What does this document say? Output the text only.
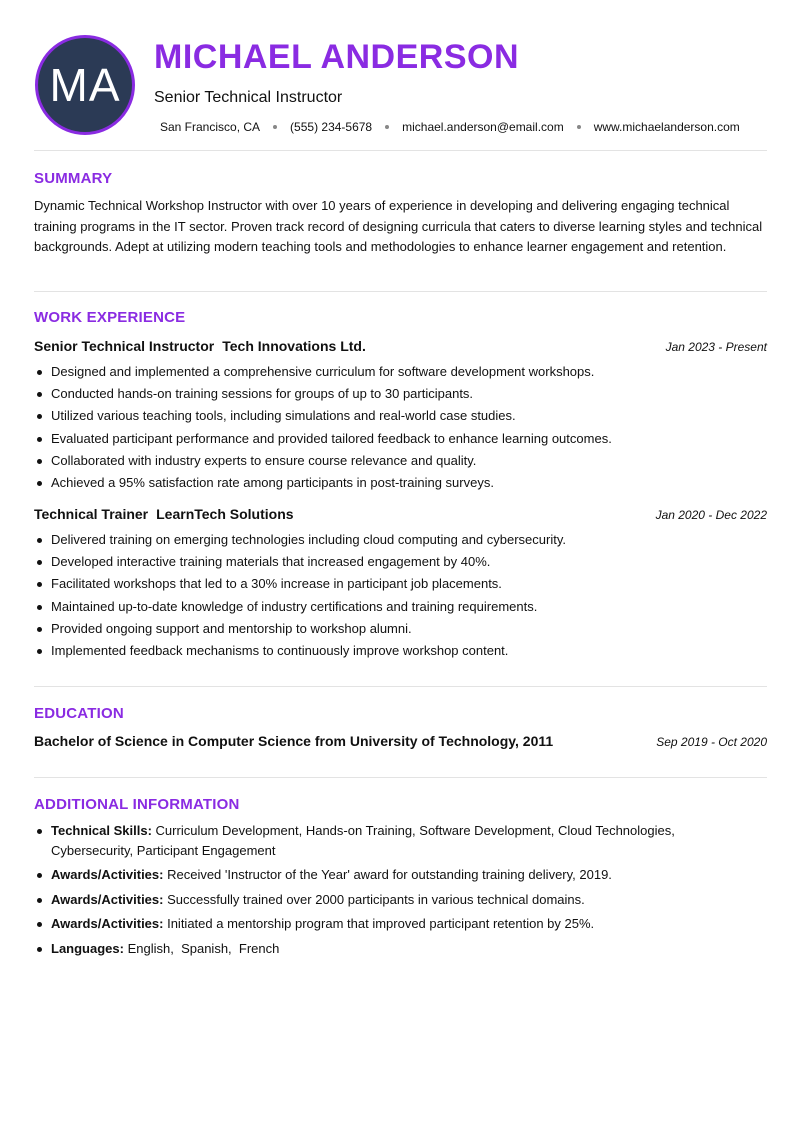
MA
MICHAEL ANDERSON
Senior Technical Instructor
San Francisco, CA	(555) 234-5678	michael.anderson@email.com	www.michaelanderson.com
SUMMARY
Dynamic Technical Workshop Instructor with over 10 years of experience in developing and delivering engaging technical training programs in the IT sector. Proven track record of designing curricula that caters to diverse learning styles and technical backgrounds. Adept at utilizing modern teaching tools and methodologies to enhance learner engagement and retention.
WORK EXPERIENCE
Senior Technical Instructor Tech Innovations Ltd.	Jan 2023 - Present
Designed and implemented a comprehensive curriculum for software development workshops.
Conducted hands-on training sessions for groups of up to 30 participants.
Utilized various teaching tools, including simulations and real-world case studies.
Evaluated participant performance and provided tailored feedback to enhance learning outcomes.
Collaborated with industry experts to ensure course relevance and quality.
Achieved a 95% satisfaction rate among participants in post-training surveys.
Technical Trainer LearnTech Solutions	Jan 2020 - Dec 2022
Delivered training on emerging technologies including cloud computing and cybersecurity.
Developed interactive training materials that increased engagement by 40%.
Facilitated workshops that led to a 30% increase in participant job placements.
Maintained up-to-date knowledge of industry certifications and training requirements.
Provided ongoing support and mentorship to workshop alumni.
Implemented feedback mechanisms to continuously improve workshop content.
EDUCATION
Bachelor of Science in Computer Science from University of Technology, 2011	Sep 2019 - Oct 2020
ADDITIONAL INFORMATION
Technical Skills: Curriculum Development, Hands-on Training, Software Development, Cloud Technologies, Cybersecurity, Participant Engagement
Awards/Activities: Received 'Instructor of the Year' award for outstanding training delivery, 2019.
Awards/Activities: Successfully trained over 2000 participants in various technical domains.
Awards/Activities: Initiated a mentorship program that improved participant retention by 25%.
Languages: English,  Spanish,  French
